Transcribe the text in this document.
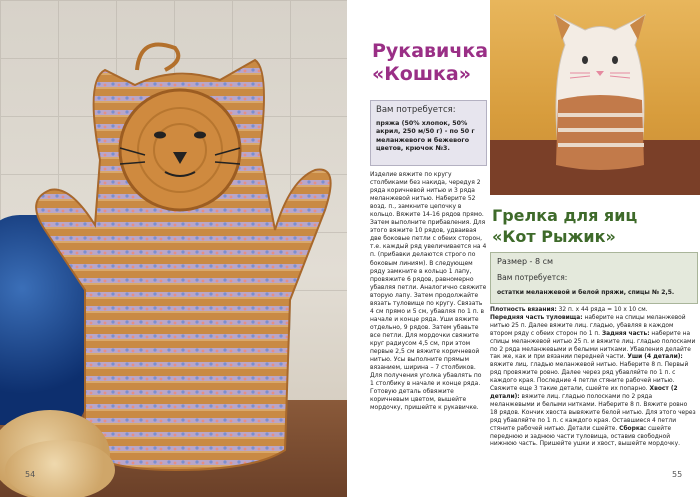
54
Рукавичка
«Кошка»
Вам потребуется:
пряжа (50% хлопок, 50% акрил, 250 м/50 г) - по 50 г меланжевого и бежевого цветов, крючок №3.
Изделие вяжите по кругу столбиками без накида, чередуя 2 ряда коричневой нитью и 3 ряда меланжевой нитью. Наберите 52 возд. п., замкните цепочку в кольцо. Вяжите 14-16 рядов прямо. Затем выполните прибавления. Для этого вяжите 10 рядов, удваивая две боковые петли с обеих сторон, т.е. каждый ряд увеличивается на 4 п. (прибавки делаются строго по боковым линиям). В следующем ряду замкните в кольцо 1 лапу, провяжите 6 рядов, равномерно убавляя петли. Аналогично свяжите вторую лапу. Затем продолжайте вязать туловище по кругу. Связать 4 см прямо и 5 см, убавляя по 1 п. в начале и конце ряда. Уши вяжите отдельно, 9 рядов. Затем убавьте все петли. Для мордочки свяжите круг радиусом 4,5 см, при этом первые 2,5 см вяжите коричневой нитью. Усы выполните прямым вязанием, ширина – 7 столбиков. Для получения уголка убавлять по 1 столбику в начале и конце ряда. Готовую деталь обвяжите коричневым цветом, вышейте мордочку, пришейте к рукавичке.
Грелка для яиц
«Кот Рыжик»
Размер - 8 см
Вам потребуется:
остатки меланжевой и белой пряжи, спицы № 2,5.

Плотность вязания: 32 п. х 44 ряда = 10 х 10 см.

Передняя часть туловища: наберите на спицы меланжевой нитью 25 п. Далее вяжите лиц. гладью, убавляя в каждом втором ряду с обеих сторон по 1 п. Задняя часть: наберите на спицы меланжевой нитью 25 п. и вяжите лиц. гладью полосками по 2 ряда меланжевыми и белыми нитками. Убавления делайте так же, как и при вязании передней части. Уши (4 детали): вяжите лиц. гладью меланжевой нитью. Наберите 8 п. Первый ряд провяжите ровно. Далее через ряд убавляйте по 1 п. с каждого края. Последние 4 петли стяните рабочей нитью. Свяжите еще 3 такие детали, сшейте их попарно. Хвост (2 детали): вяжите лиц. гладью полосками по 2 ряда меланжевыми и белыми нитками. Наберите 8 п. Вяжите ровно 18 рядов. Кончик хвоста вывяжите белой нитью. Для этого через ряд убавляйте по 1 п. с каждого края. Оставшиеся 4 петли стяните рабочей нитью. Детали сшейте. Сборка: сшейте переднюю и заднюю части туловища, оставив свободной нижнюю часть. Пришейте ушки и хвост, вышейте мордочку.

55
